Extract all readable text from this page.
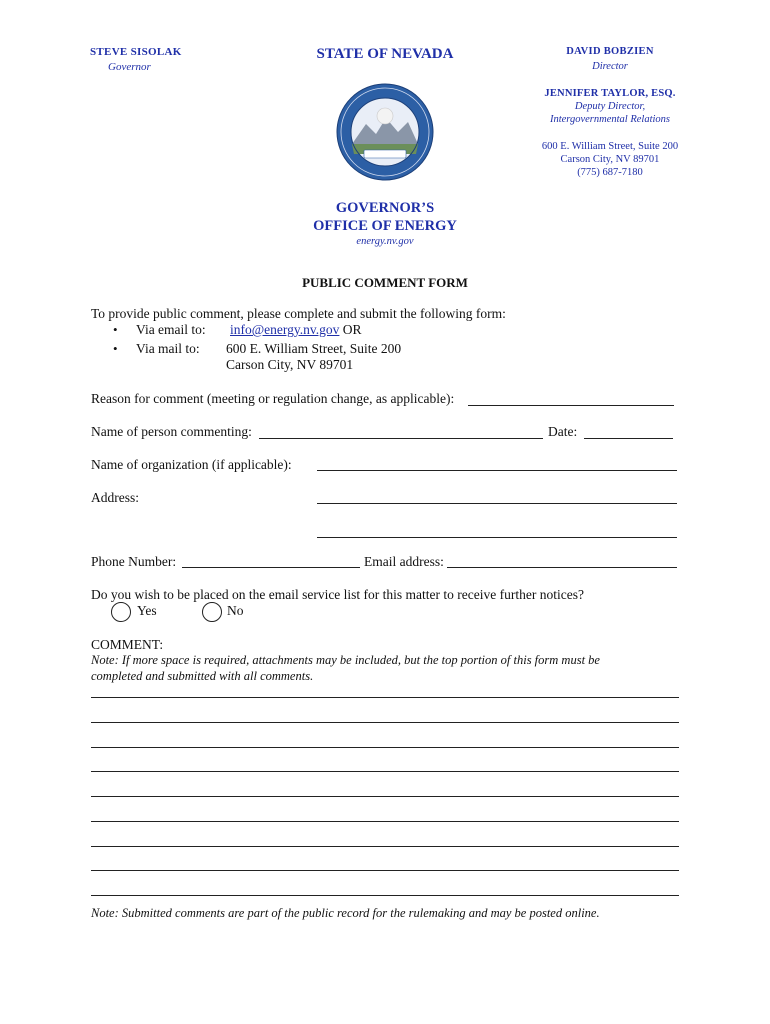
STEVE SISOLAK
Governor
STATE OF NEVADA	DAVID BOBZIEN
Director
JENNIFER TAYLOR, ESQ.
Deputy Director,
Intergovernmental Relations
600 E. William Street, Suite 200
Carson City, NV 89701
(775) 687-7180
GOVERNOR’S
OFFICE OF ENERGY
energy.nv.gov
PUBLIC COMMENT FORM
To provide public comment, please complete and submit the following form:
• Via email to: info@energy.nv.gov OR
• Via mail to: 600 E. William Street, Suite 200
Carson City, NV 89701
Reason for comment (meeting or regulation change, as applicable):
Name of person commenting:	Date:
Name of organization (if applicable):
Address:
Phone Number:	Email address:
Do you wish to be placed on the email service list for this matter to receive further notices?
Yes	No
COMMENT:
Note: If more space is required, attachments may be included, but the top portion of this form must be
completed and submitted with all comments.
Note: Submitted comments are part of the public record for the rulemaking and may be posted online.
